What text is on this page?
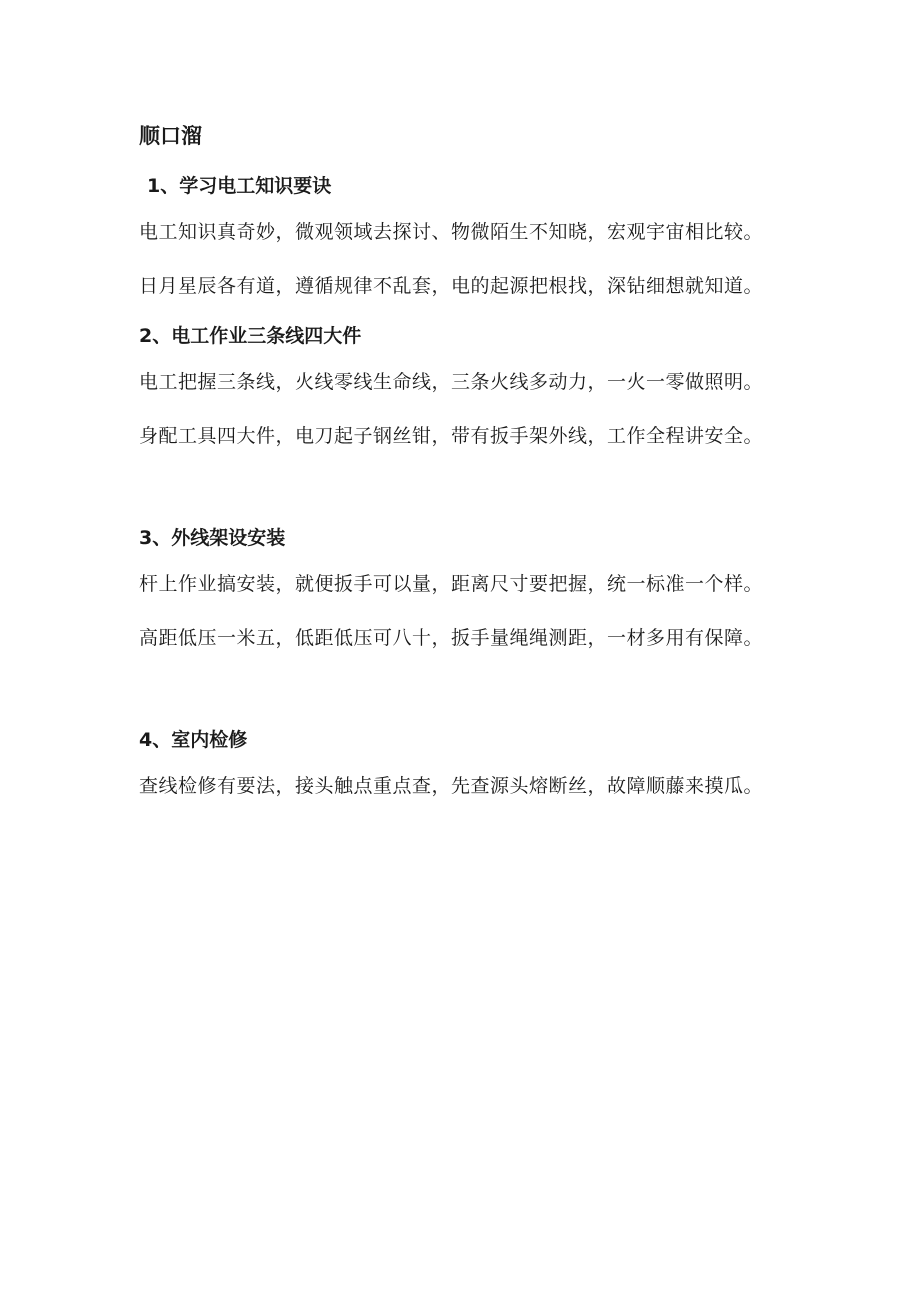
顺口溜
1、学习电工知识要诀

电工知识真奇妙，微观领域去探讨、物微陌生不知晓，宏观宇宙相比较。

日月星辰各有道，遵循规律不乱套，电的起源把根找，深钻细想就知道。

2、电工作业三条线四大件

电工把握三条线，火线零线生命线，三条火线多动力，一火一零做照明。

身配工具四大件，电刀起子钢丝钳，带有扳手架外线，工作全程讲安全。

3、外线架设安装

杆上作业搞安装，就便扳手可以量，距离尺寸要把握，统一标准一个样。

高距低压一米五，低距低压可八十，扳手量绳绳测距，一材多用有保障。

4、室内检修

查线检修有要法，接头触点重点查，先查源头熔断丝，故障顺藤来摸瓜。
